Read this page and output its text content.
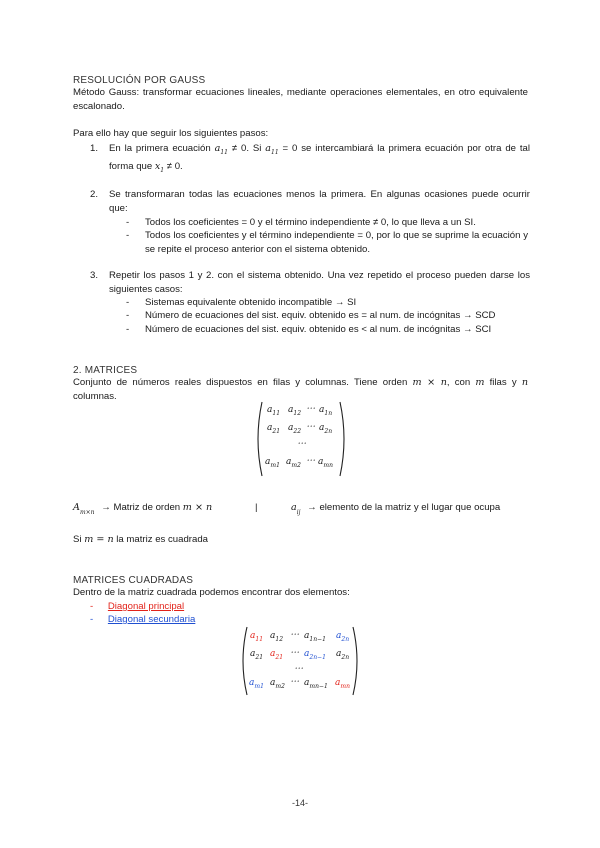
RESOLUCIÓN POR GAUSS
Método Gauss: transformar ecuaciones lineales, mediante operaciones elementales, en otro equivalente escalonado.
Para ello hay que seguir los siguientes pasos:
1. En la primera ecuación $a_{11} \ne 0$. Si $a_{11} = 0$ se intercambiará la primera ecuación por otra de tal forma que $x_1 \ne 0$.
2. Se transformaran todas las ecuaciones menos la primera. En algunas ocasiones puede ocurrir que:
- Todos los coeficientes = 0 y el término independiente ≠ 0, lo que lleva a un SI.
- Todos los coeficientes y el término independiente = 0, por lo que se suprime la ecuación y se repite el proceso anterior con el sistema obtenido.
3. Repetir los pasos 1 y 2. con el sistema obtenido. Una vez repetido el proceso pueden darse los siguientes casos:
- Sistemas equivalente obtenido incompatible → SI
- Número de ecuaciones del sist. equiv. obtenido es = al num. de incógnitas → SCD
- Número de ecuaciones del sist. equiv. obtenido es < al num. de incógnitas → SCI
2. MATRICES
Conjunto de números reales dispuestos en filas y columnas. Tiene orden m × n, con m filas y n columnas.
$a_{11}$ $a_{12}$ ⋯ $a_{1n}$
$a_{21}$ $a_{22}$ ⋯ $a_{2n}$
⋯
$a_{m1}$ $a_{m2}$ ⋯ $a_{mn}$
$A_{m\times n}$ → Matriz de orden m × n	|	$a_{ij}$ → elemento de la matriz y el lugar que ocupa
Si m = n la matriz es cuadrada
MATRICES CUADRADAS
Dentro de la matriz cuadrada podemos encontrar dos elementos:
- Diagonal principal
- Diagonal secundaria
$a_{11}$ $a_{12}$ ⋯ $a_{1n-1}$ $a_{2n}$
$a_{21}$ $a_{21}$ ⋯ $a_{2n-1}$ $a_{2n}$
⋯
$a_{m1}$ $a_{m2}$ ⋯ $a_{mn-1}$ $a_{mn}$
-14-
